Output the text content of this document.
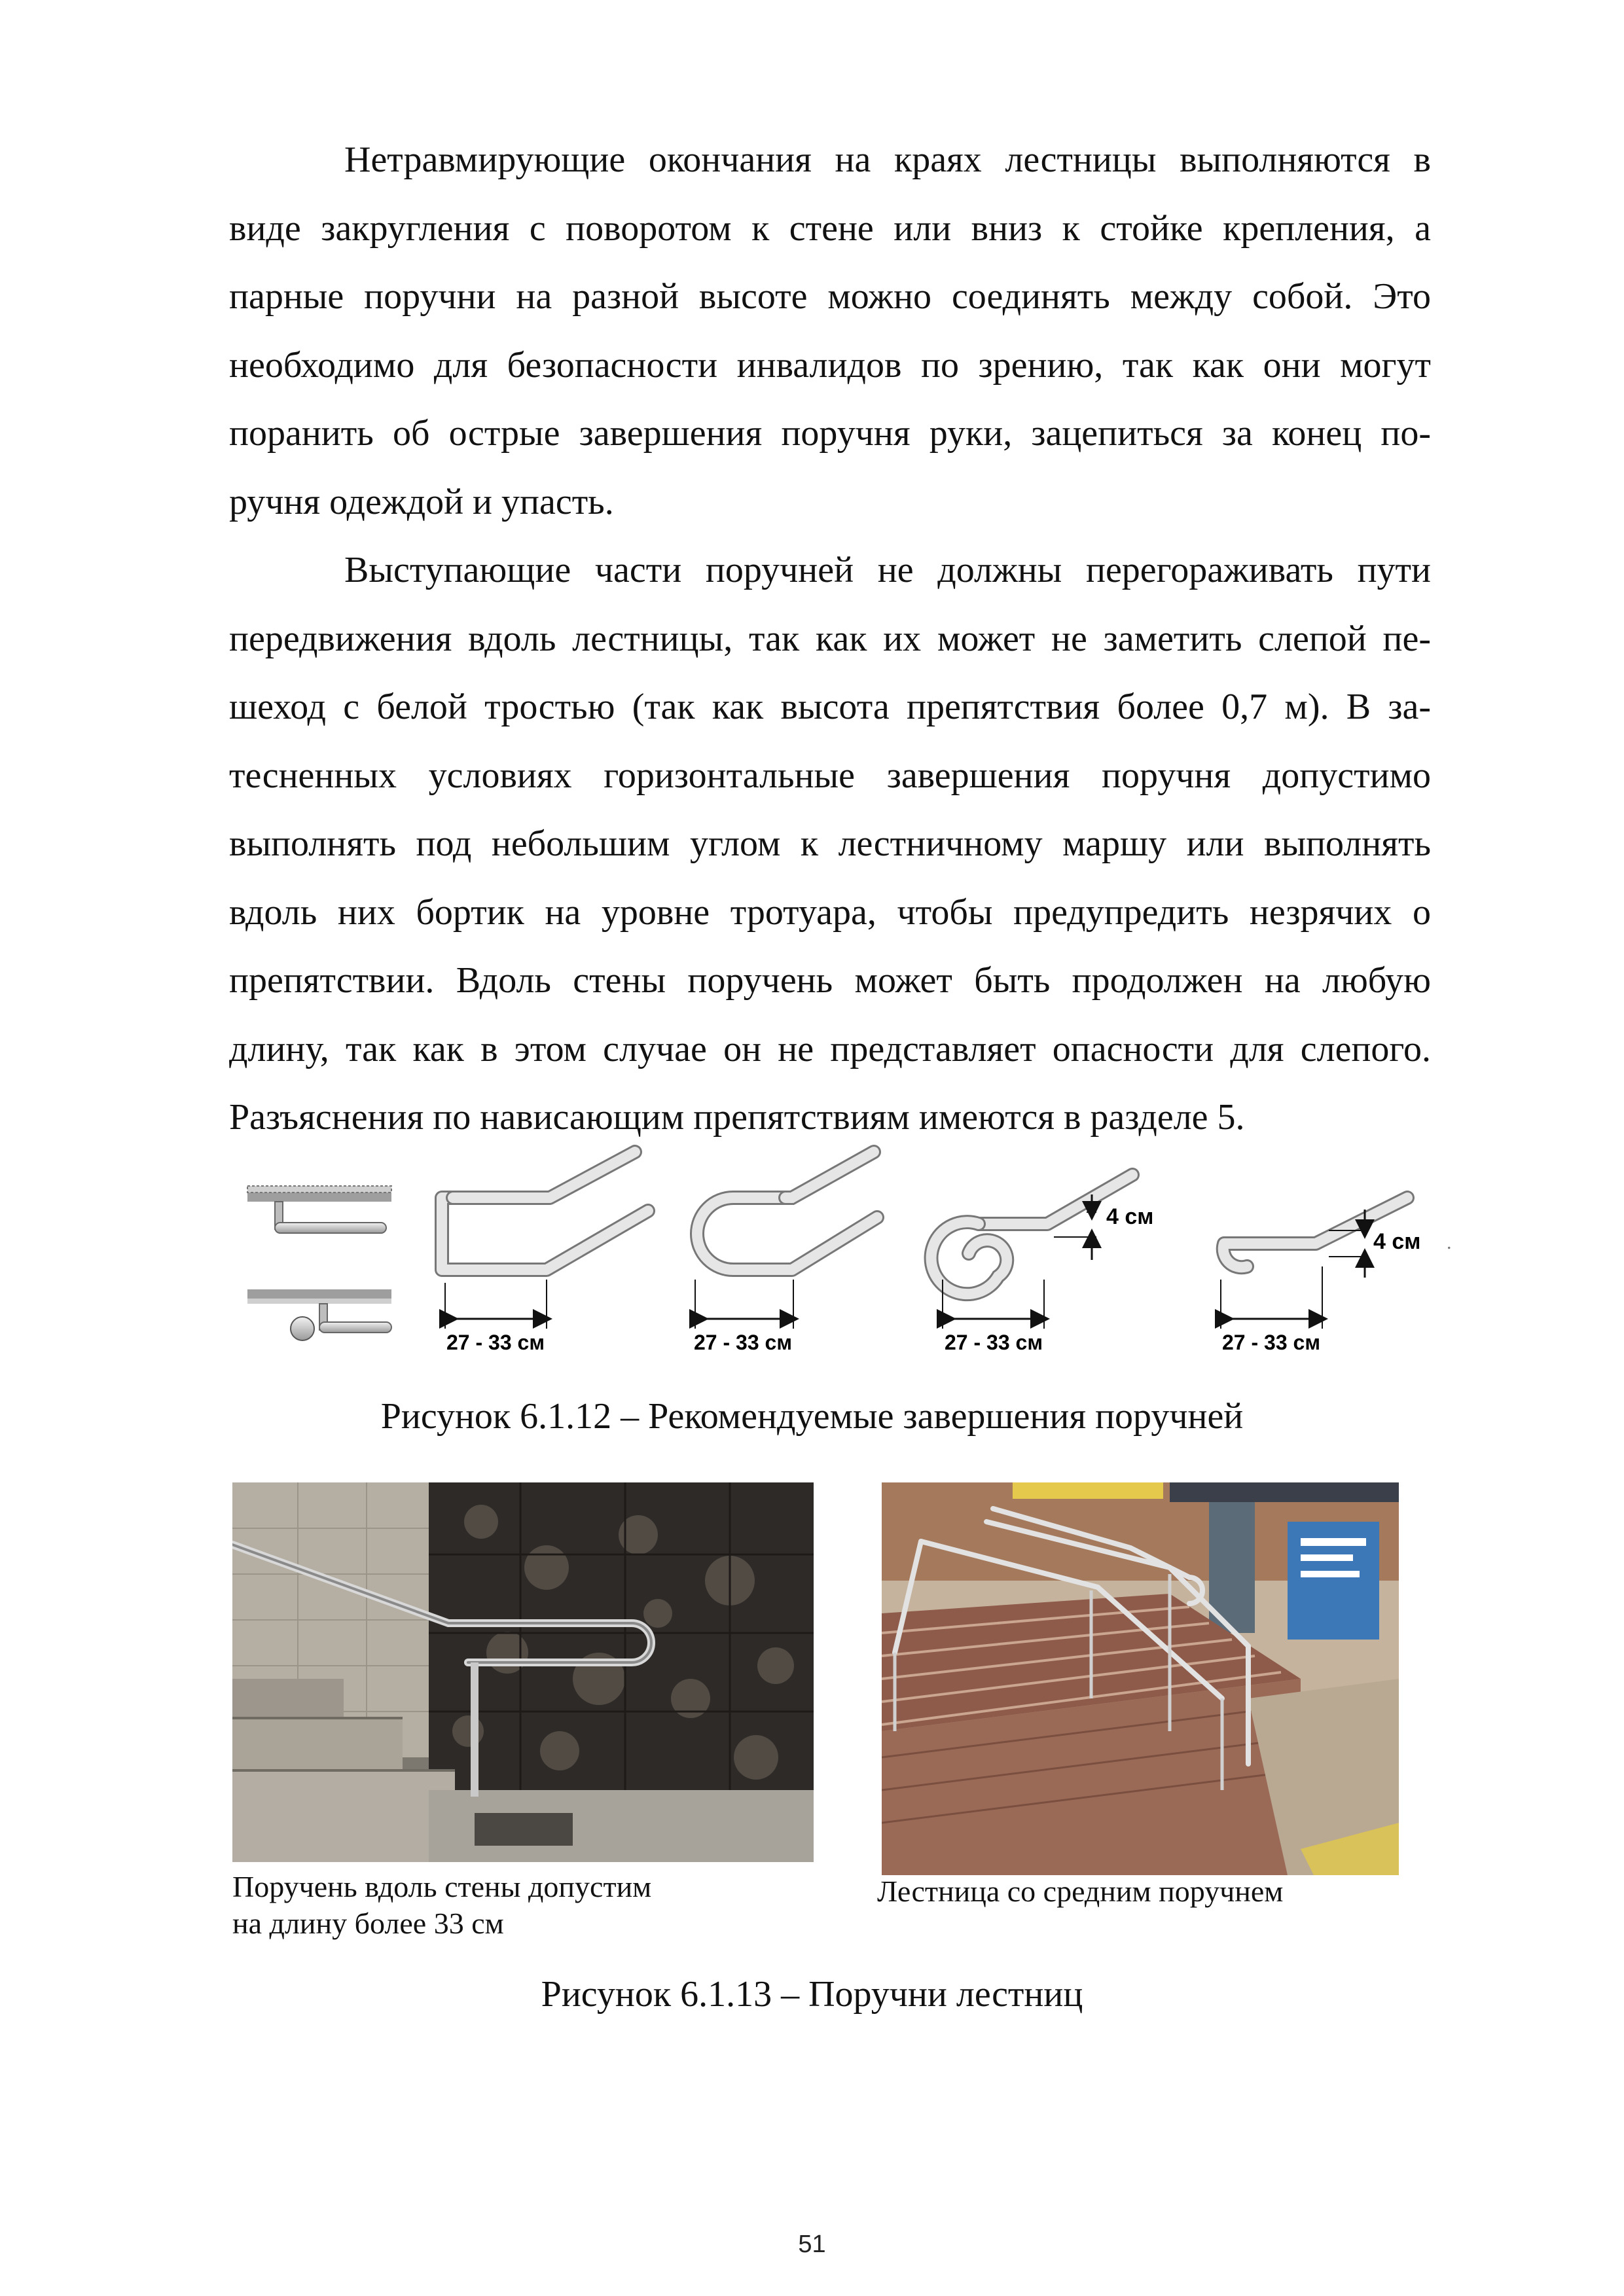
Нетравмирующие окончания на краях лестницы выполняются в
виде закругления с поворотом к стене или вниз к стойке крепления, а
парные поручни на разной высоте можно соединять между собой. Это
необходимо для безопасности инвалидов по зрению, так как они могут
поранить об острые завершения поручня руки, зацепиться за конец по-
ручня одеждой и упасть.

Выступающие части поручней не должны перегораживать пути
передвижения вдоль лестницы, так как их может не заметить слепой пе-
шеход с белой тростью (так как высота препятствия более 0,7 м). В за-
тесненных условиях горизонтальные завершения поручня допустимо
выполнять под небольшим углом к лестничному маршу или выполнять
вдоль них бортик на уровне тротуара, чтобы предупредить незрячих о
препятствии. Вдоль стены поручень может быть продолжен на любую
длину, так как в этом случае он не представляет опасности для слепого.
Разъяснения по нависающим препятствиям имеются в разделе 5.

27 - 33 см	27 - 33 см
4 см
27 - 33 см
4 см .
27 - 33 см
Рисунок 6.1.12 – Рекомендуемые завершения поручней
Поручень вдоль стены допустим
на длину более 33 см
Лестница со средним поручнем
Рисунок 6.1.13 – Поручни лестниц
51
